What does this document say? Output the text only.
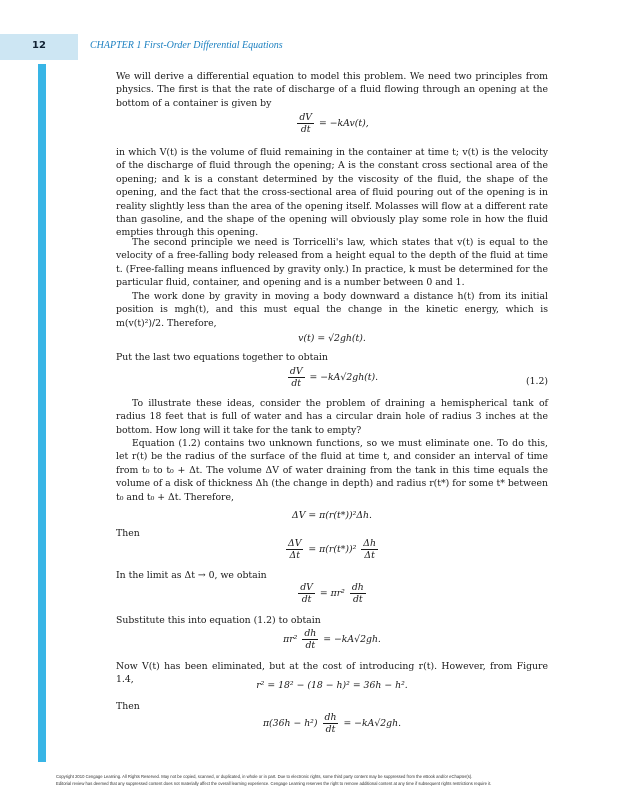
12	CHAPTER 1 First-Order Differential Equations
We will derive a differential equation to model this problem. We need two principles from physics. The first is that the rate of discharge of a fluid flowing through an opening at the bottom of a container is given by
$\frac{dV}{dt} = -kAv(t)$,
in which V(t) is the volume of fluid remaining in the container at time t; v(t) is the velocity of the discharge of fluid through the opening; A is the constant cross sectional area of the opening; and k is a constant determined by the viscosity of the fluid, the shape of the opening, and the fact that the cross-sectional area of fluid pouring out of the opening is in reality slightly less than the area of the opening itself. Molasses will flow at a different rate than gasoline, and the shape of the opening will obviously play some role in how the fluid empties through this opening.
The second principle we need is Torricelli's law, which states that v(t) is equal to the velocity of a free-falling body released from a height equal to the depth of the fluid at time t. (Free-falling means influenced by gravity only.) In practice, k must be determined for the particular fluid, container, and opening and is a number between 0 and 1.
The work done by gravity in moving a body downward a distance h(t) from its initial position is mgh(t), and this must equal the change in the kinetic energy, which is m(v(t)²)/2. Therefore,
v(t) = √2gh(t).
Put the last two equations together to obtain
$\frac{dV}{dt} = -kA√2gh(t)$.	(1.2)
To illustrate these ideas, consider the problem of draining a hemispherical tank of radius 18 feet that is full of water and has a circular drain hole of radius 3 inches at the bottom. How long will it take for the tank to empty?
Equation (1.2) contains two unknown functions, so we must eliminate one. To do this, let r(t) be the radius of the surface of the fluid at time t, and consider an interval of time from t₀ to t₀ + Δt. The volume ΔV of water draining from the tank in this time equals the volume of a disk of thickness Δh (the change in depth) and radius r(t*) for some t* between t₀ and t₀ + Δt. Therefore,
ΔV = π(r(t*))²Δh.
Then
$\frac{\Delta V}{\Delta t} = \pi(r(t*))^2 \frac{\Delta h}{\Delta t}$
In the limit as Δt → 0, we obtain
$\frac{dV}{dt} = \pi r^2 \frac{dh}{dt}$
Substitute this into equation (1.2) to obtain
$\pi r^2 \frac{dh}{dt} = -kA√2gh$.
Now V(t) has been eliminated, but at the cost of introducing r(t). However, from Figure 1.4,
r² = 18² − (18 − h)² = 36h − h².
Then
$\pi(36h - h^2) \frac{dh}{dt} = -kA√2gh$.
Copyright 2010 Cengage Learning. All Rights Reserved. May not be copied, scanned, or duplicated, in whole or in part. Due to electronic rights, some third party content may be suppressed from the eBook and/or eChapter(s).
Editorial review has deemed that any suppressed content does not materially affect the overall learning experience. Cengage Learning reserves the right to remove additional content at any time if subsequent rights restrictions require it.
